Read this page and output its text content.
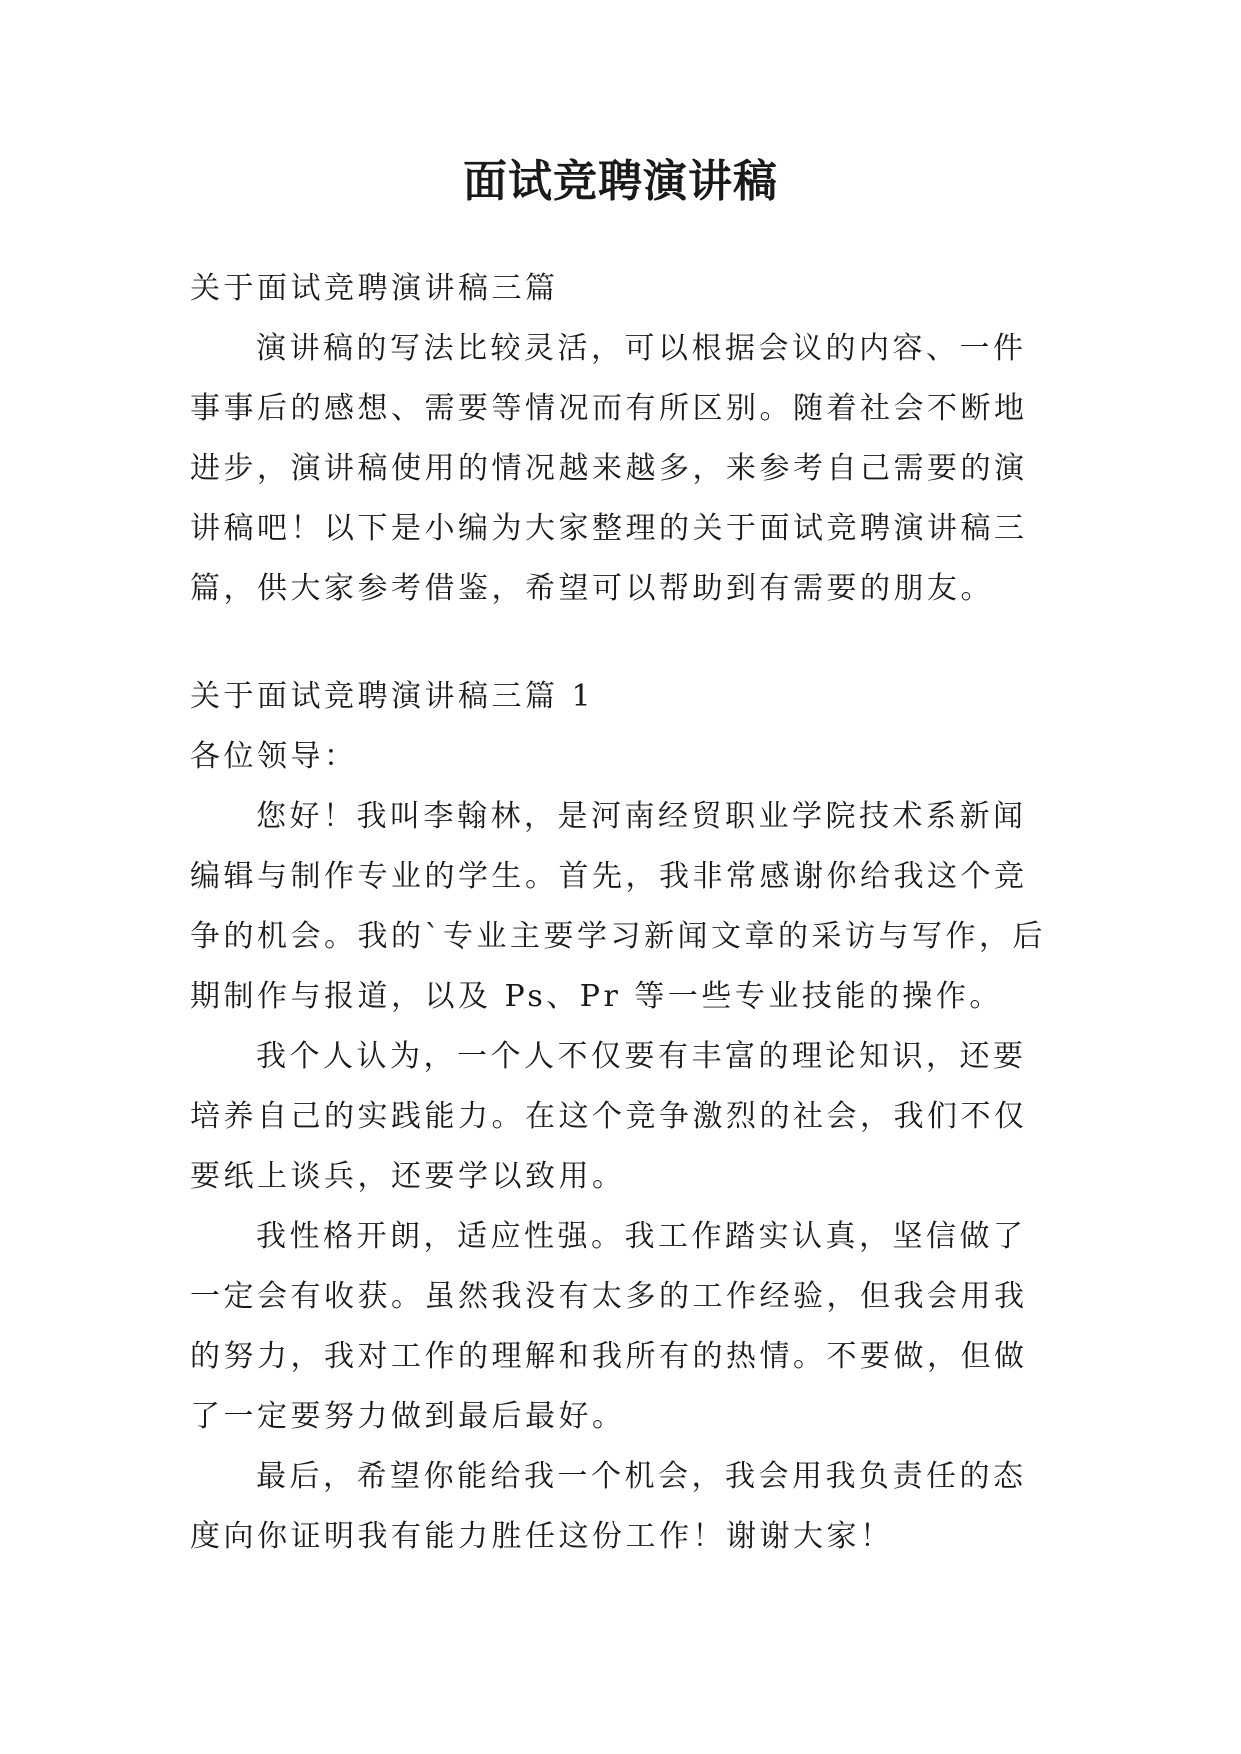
面试竞聘演讲稿

关于面试竞聘演讲稿三篇

演讲稿的写法比较灵活，可以根据会议的内容、一件事事后的感想、需要等情况而有所区别。随着社会不断地进步，演讲稿使用的情况越来越多，来参考自己需要的演讲稿吧！以下是小编为大家整理的关于面试竞聘演讲稿三篇，供大家参考借鉴，希望可以帮助到有需要的朋友。

关于面试竞聘演讲稿三篇 1

各位领导：

您好！我叫李翰林，是河南经贸职业学院技术系新闻编辑与制作专业的学生。首先，我非常感谢你给我这个竞争的机会。我的`专业主要学习新闻文章的采访与写作，后期制作与报道，以及 Ps、Pr 等一些专业技能的操作。

我个人认为，一个人不仅要有丰富的理论知识，还要培养自己的实践能力。在这个竞争激烈的社会，我们不仅要纸上谈兵，还要学以致用。

我性格开朗，适应性强。我工作踏实认真，坚信做了一定会有收获。虽然我没有太多的工作经验，但我会用我的努力，我对工作的理解和我所有的热情。不要做，但做了一定要努力做到最后最好。

最后，希望你能给我一个机会，我会用我负责任的态度向你证明我有能力胜任这份工作！谢谢大家！
